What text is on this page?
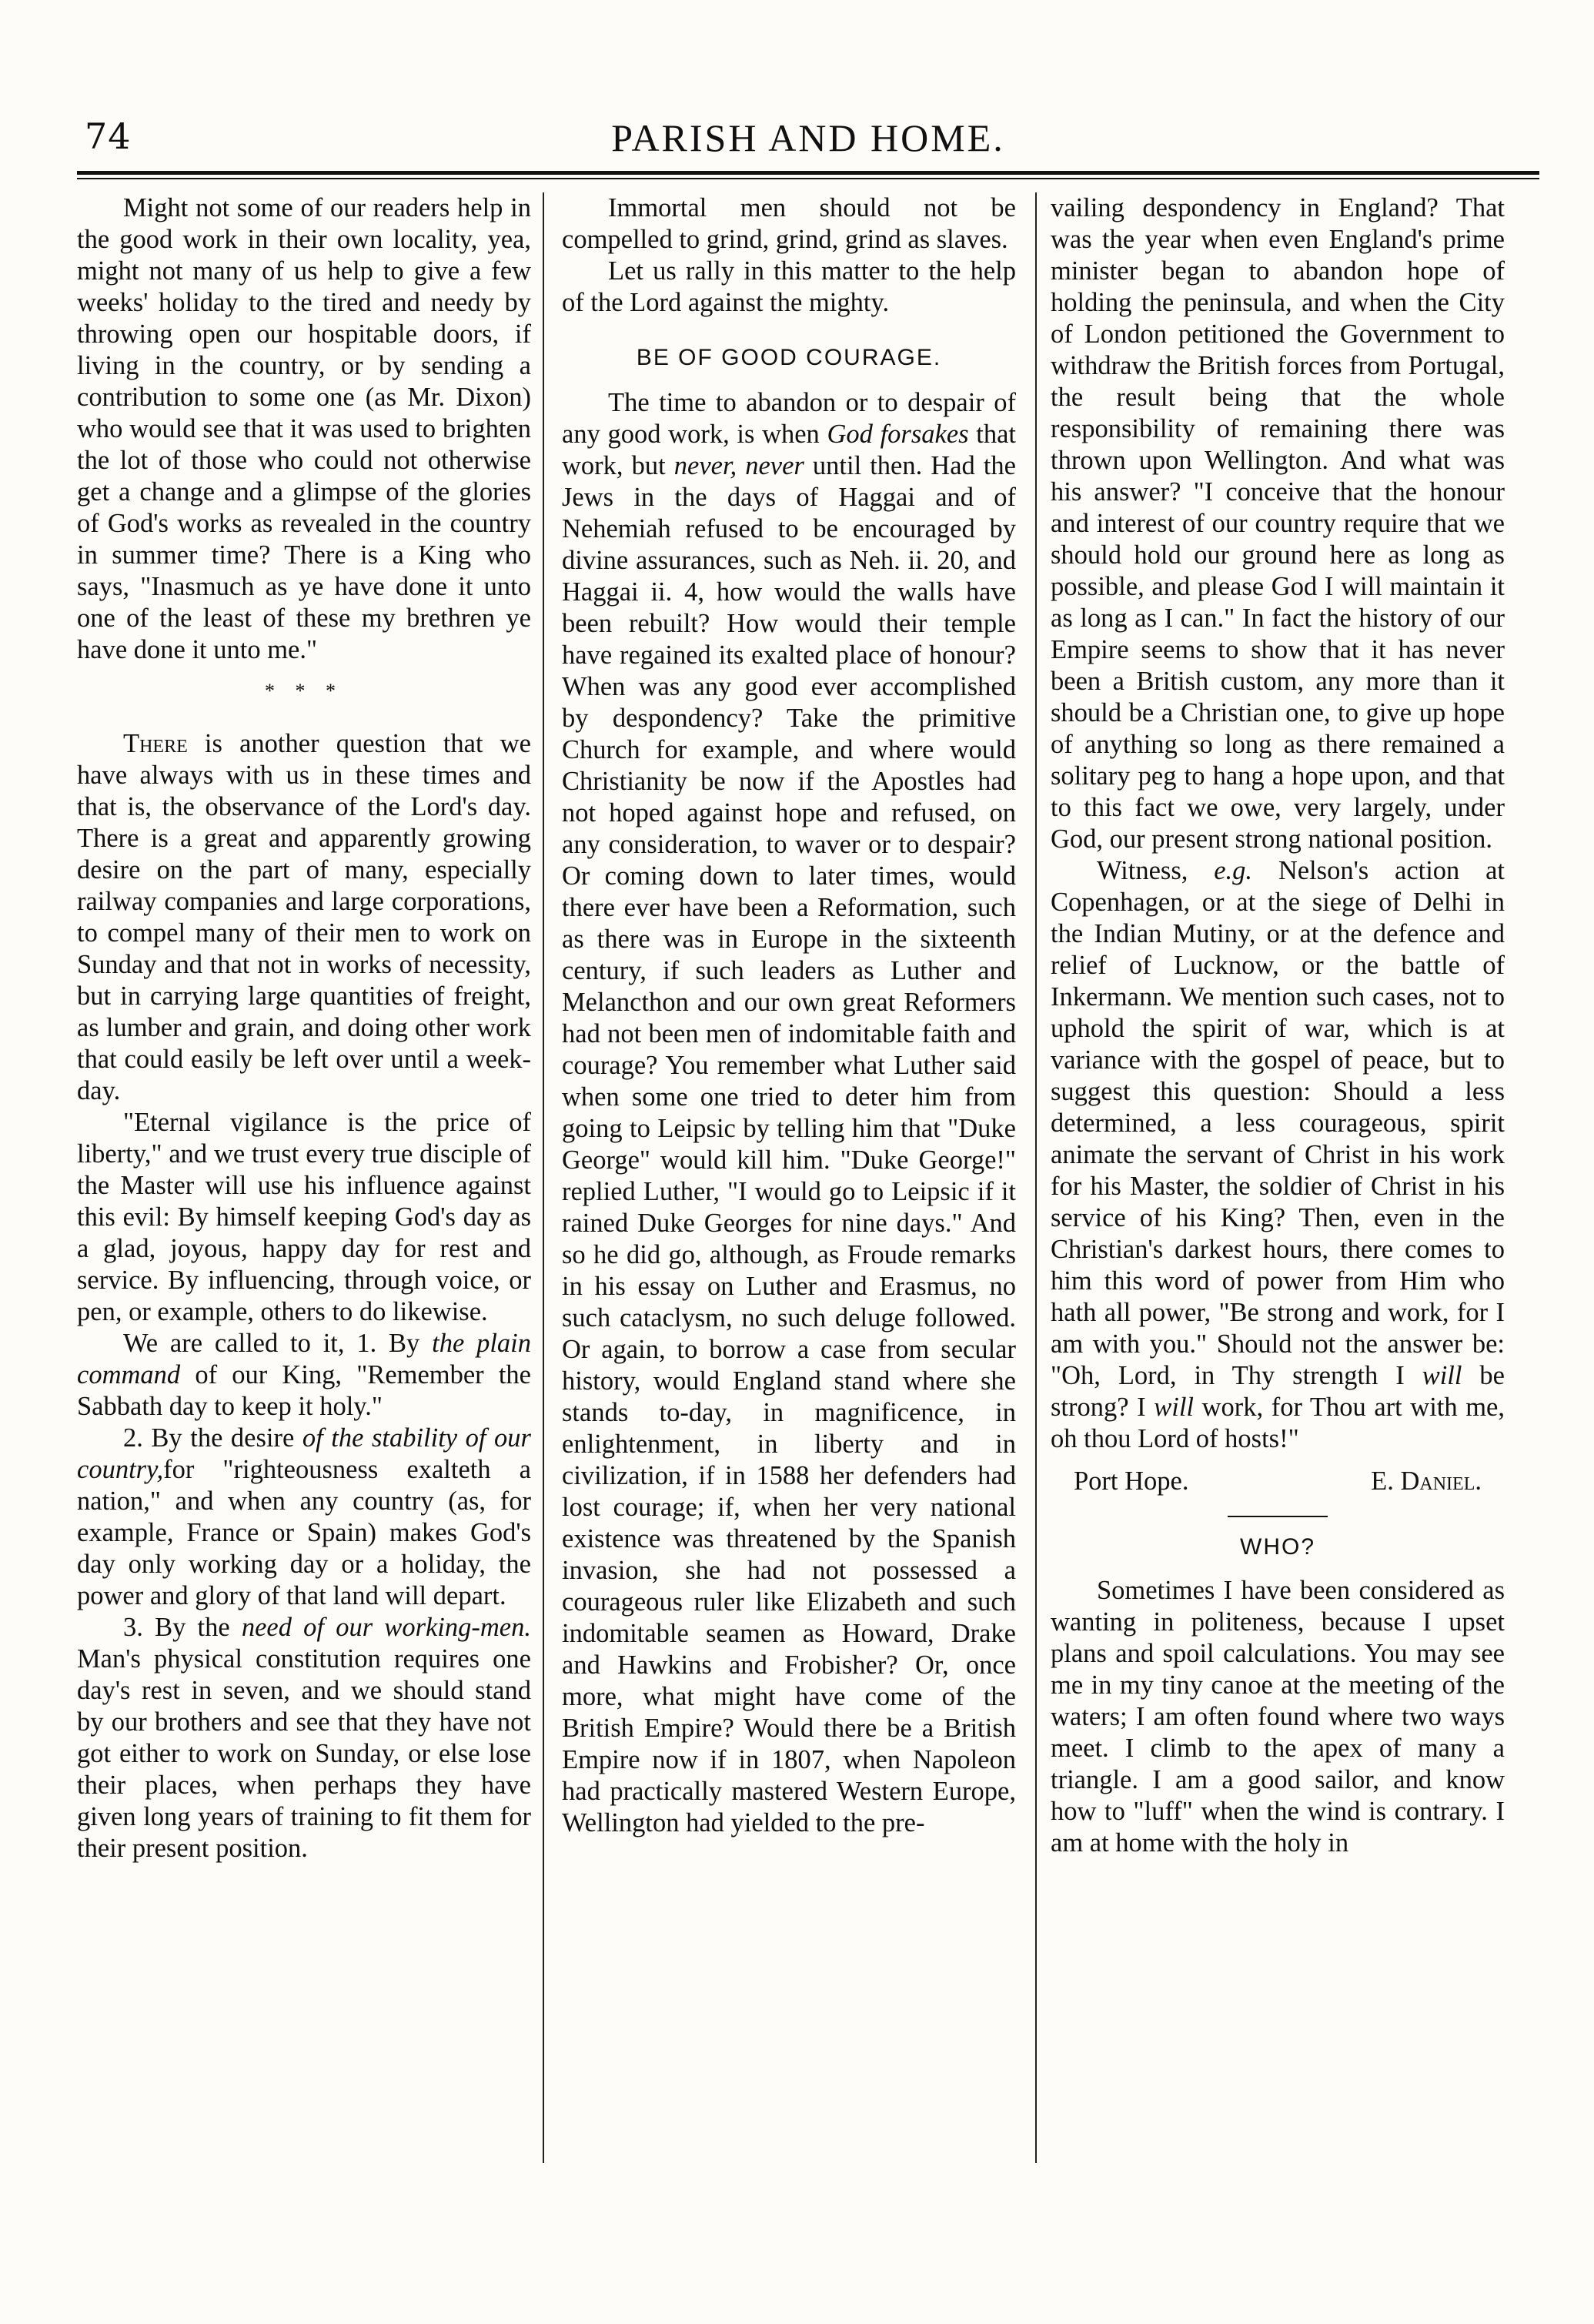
74	PARISH AND HOME.

Might not some of our readers help in the good work in their own locality, yea, might not many of us help to give a few weeks' holiday to the tired and needy by throwing open our hospitable doors, if living in the country, or by sending a contribution to some one (as Mr. Dixon) who would see that it was used to brighten the lot of those who could not otherwise get a change and a glimpse of the glories of God's works as revealed in the country in summer time? There is a King who says, "Inasmuch as ye have done it unto one of the least of these my brethren ye have done it unto me."

* * *

There is another question that we have always with us in these times and that is, the observance of the Lord's day. There is a great and apparently growing desire on the part of many, especially railway companies and large corporations, to compel many of their men to work on Sunday and that not in works of necessity, but in carrying large quantities of freight, as lumber and grain, and doing other work that could easily be left over until a week-day.

"Eternal vigilance is the price of liberty," and we trust every true disciple of the Master will use his influence against this evil: By himself keeping God's day as a glad, joyous, happy day for rest and service. By influencing, through voice, or pen, or example, others to do likewise.

We are called to it, 1. By the plain command of our King, "Remember the Sabbath day to keep it holy."

2. By the desire of the stability of our country,for "righteousness exalteth a nation," and when any country (as, for example, France or Spain) makes God's day only working day or a holiday, the power and glory of that land will depart.

3. By the need of our working-men. Man's physical constitution requires one day's rest in seven, and we should stand by our brothers and see that they have not got either to work on Sunday, or else lose their places, when perhaps they have given long years of training to fit them for their present position.

Immortal men should not be compelled to grind, grind, grind as slaves.

Let us rally in this matter to the help of the Lord against the mighty.

BE OF GOOD COURAGE.

The time to abandon or to despair of any good work, is when God forsakes that work, but never, never until then. Had the Jews in the days of Haggai and of Nehemiah refused to be encouraged by divine assurances, such as Neh. ii. 20, and Haggai ii. 4, how would the walls have been rebuilt? How would their temple have regained its exalted place of honour? When was any good ever accomplished by despondency? Take the primitive Church for example, and where would Christianity be now if the Apostles had not hoped against hope and refused, on any consideration, to waver or to despair? Or coming down to later times, would there ever have been a Reformation, such as there was in Europe in the sixteenth century, if such leaders as Luther and Melancthon and our own great Reformers had not been men of indomitable faith and courage? You remember what Luther said when some one tried to deter him from going to Leipsic by telling him that "Duke George" would kill him. "Duke George!" replied Luther, "I would go to Leipsic if it rained Duke Georges for nine days." And so he did go, although, as Froude remarks in his essay on Luther and Erasmus, no such cataclysm, no such deluge followed. Or again, to borrow a case from secular history, would England stand where she stands to-day, in magnificence, in enlightenment, in liberty and in civilization, if in 1588 her defenders had lost courage; if, when her very national existence was threatened by the Spanish invasion, she had not possessed a courageous ruler like Elizabeth and such indomitable seamen as Howard, Drake and Hawkins and Frobisher? Or, once more, what might have come of the British Empire? Would there be a British Empire now if in 1807, when Napoleon had practically mastered Western Europe, Wellington had yielded to the pre-

vailing despondency in England? That was the year when even England's prime minister began to abandon hope of holding the peninsula, and when the City of London petitioned the Government to withdraw the British forces from Portugal, the result being that the whole responsibility of remaining there was thrown upon Wellington. And what was his answer? "I conceive that the honour and interest of our country require that we should hold our ground here as long as possible, and please God I will maintain it as long as I can." In fact the history of our Empire seems to show that it has never been a British custom, any more than it should be a Christian one, to give up hope of anything so long as there remained a solitary peg to hang a hope upon, and that to this fact we owe, very largely, under God, our present strong national position.

Witness, e.g. Nelson's action at Copenhagen, or at the siege of Delhi in the Indian Mutiny, or at the defence and relief of Lucknow, or the battle of Inkermann. We mention such cases, not to uphold the spirit of war, which is at variance with the gospel of peace, but to suggest this question: Should a less determined, a less courageous, spirit animate the servant of Christ in his work for his Master, the soldier of Christ in his service of his King? Then, even in the Christian's darkest hours, there comes to him this word of power from Him who hath all power, "Be strong and work, for I am with you." Should not the answer be: "Oh, Lord, in Thy strength I will be strong? I will work, for Thou art with me, oh thou Lord of hosts!"

Port Hope.	E. Daniel.
WHO?

Sometimes I have been considered as wanting in politeness, because I upset plans and spoil calculations. You may see me in my tiny canoe at the meeting of the waters; I am often found where two ways meet. I climb to the apex of many a triangle. I am a good sailor, and know how to "luff" when the wind is contrary. I am at home with the holy in
